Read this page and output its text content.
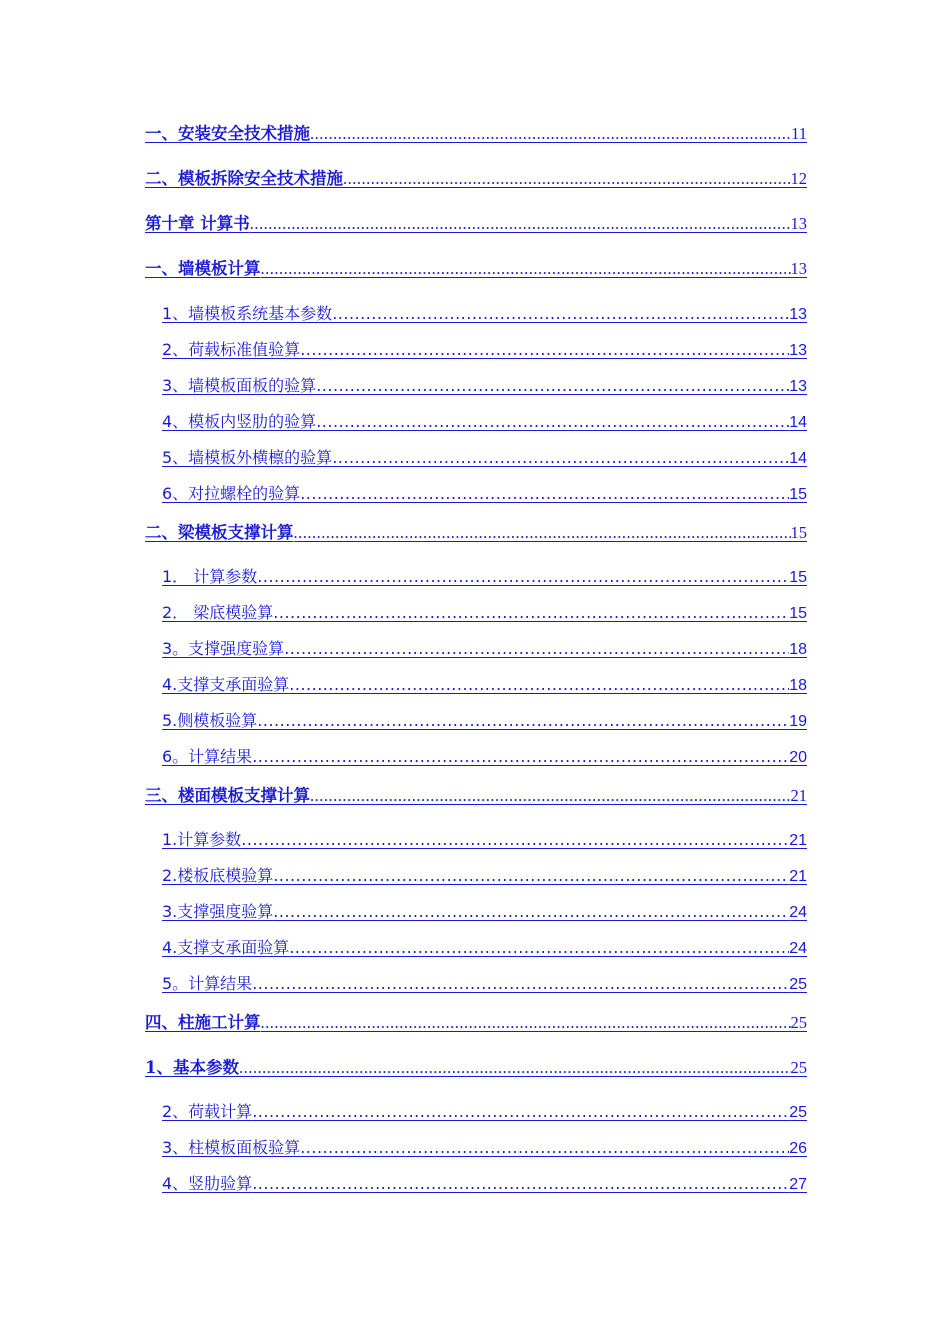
一、安装安全技术措施 .....	11
二、模板拆除安全技术措施 .....	12
第十章 计算书 .....	13
一、墙模板计算 .....	13
1、墙模板系统基本参数 .....	13
2、荷载标准值验算 .....	13
3、墙模板面板的验算 .....	13
4、模板内竖肋的验算 .....	14
5、墙模板外横檩的验算 .....	14
6、对拉螺栓的验算 .....	15
二、梁模板支撑计算 .....	15
1． 计算参数 .....	15
2． 梁底模验算 .....	15
3。支撑强度验算 .....	18
4.支撑支承面验算 .....	18
5.侧模板验算 .....	19
6。计算结果 .....	20
三、楼面模板支撑计算 .....	21
1.计算参数 .....	21
2.楼板底模验算 .....	21
3.支撑强度验算 .....	24
4.支撑支承面验算 .....	24
5。计算结果 .....	25
四、柱施工计算 .....	25
1、基本参数 .....	25
2、荷载计算 .....	25
3、柱模板面板验算 .....	26
4、竖肋验算 .....	27
